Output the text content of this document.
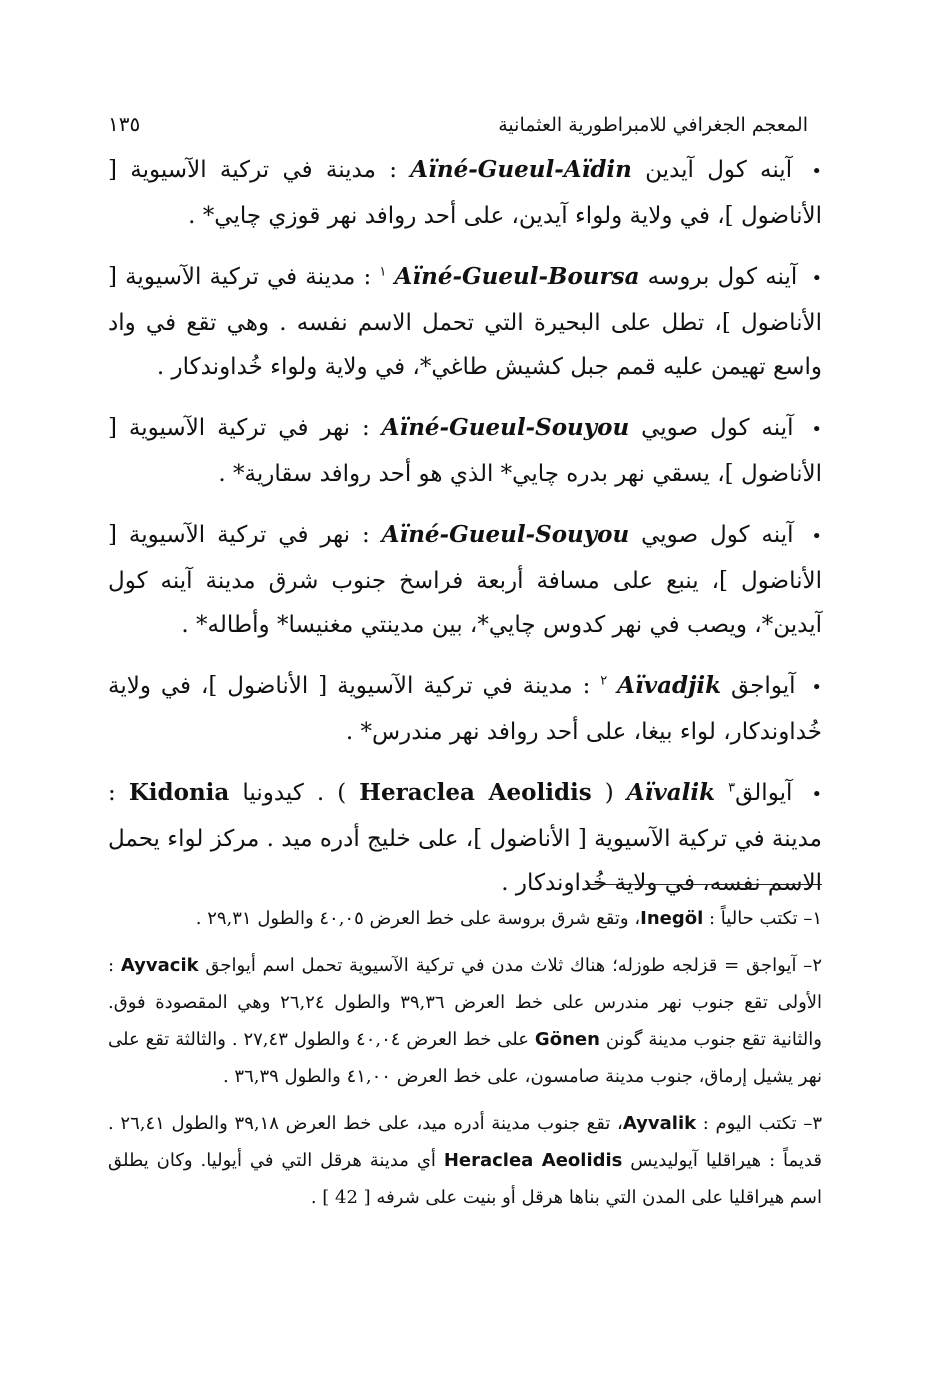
المعجم الجغرافي للامبراطورية العثمانية
١٣٥

• آينه كول آيدين Aïné-Gueul-Aïdin : مدينة في تركية الآسيوية [ الأناضول ]، في ولاية ولواء آيدين، على أحد روافد نهر قوزي چايي* .

• آينه كول بروسه Aïné-Gueul-Boursa $^١$ : مدينة في تركية الآسيوية [ الأناضول ]، تطل على البحيرة التي تحمل الاسم نفسه . وهي تقع في واد واسع تهيمن عليه قمم جبل كشيش طاغي*، في ولاية ولواء خُداوندكار .

• آينه كول صويي Aïné-Gueul-Souyou : نهر في تركية الآسيوية [ الأناضول ]، يسقي نهر بدره چايي* الذي هو أحد روافد سقارية* .

• آينه كول صويي Aïné-Gueul-Souyou : نهر في تركية الآسيوية [ الأناضول ]، ينبع على مسافة أربعة فراسخ جنوب شرق مدينة آينه كول آيدين*، ويصب في نهر كدوس چايي*، بين مدينتي مغنيسا* وأطاله* .

• آيواجق Aïvadjik $^٢$ : مدينة في تركية الآسيوية [ الأناضول ]، في ولاية خُداوندكار، لواء بيغا، على أحد روافد نهر مندرس* .

• آيوالق$^٣$ Aïvalik ( Heraclea Aeolidis ) . كيدونيا Kidonia : مدينة في تركية الآسيوية [ الأناضول ]، على خليج أدره ميد . مركز لواء يحمل الاسم نفسه، في ولاية خُداوندكار .

١– تكتب حالياً : Inegöl، وتقع شرق بروسة على خط العرض ٤٠,٠٥ والطول ٢٩,٣١ .

٢– آيواجق = قزلجه طوزله؛ هناك ثلاث مدن في تركية الآسيوية تحمل اسم أيواجق Ayvacik : الأولى تقع جنوب نهر مندرس على خط العرض ٣٩,٣٦ والطول ٢٦,٢٤ وهي المقصودة فوق. والثانية تقع جنوب مدينة گونن Gönen على خط العرض ٤٠,٠٤ والطول ٢٧,٤٣ . والثالثة تقع على نهر يشيل إرماق، جنوب مدينة صامسون، على خط العرض ٤١,٠٠ والطول ٣٦,٣٩ .

٣– تكتب اليوم : Ayvalik، تقع جنوب مدينة أدره ميد، على خط العرض ٣٩,١٨ والطول ٢٦,٤١ . قديماً : هيراقليا آيوليديس Heraclea Aeolidis أي مدينة هرقل التي في أيوليا. وكان يطلق اسم هيراقليا على المدن التي بناها هرقل أو بنيت على شرفه [ 42 ] .
